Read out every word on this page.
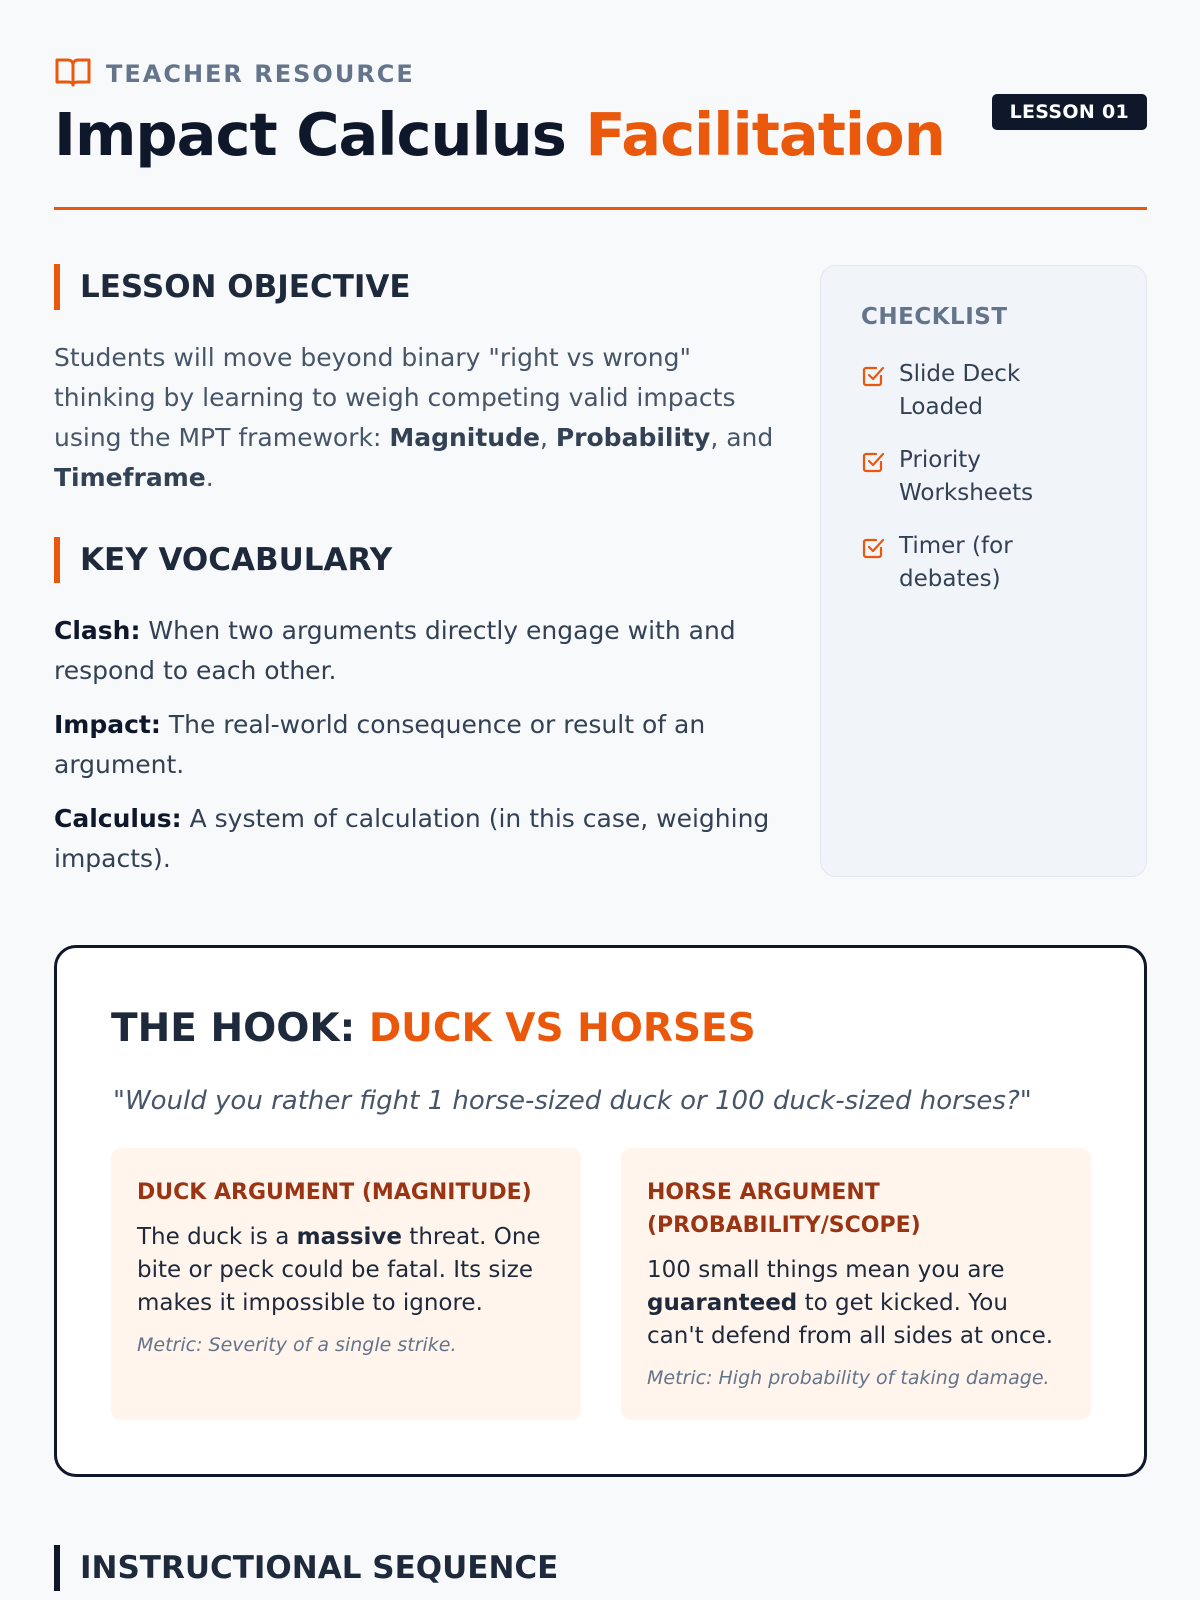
TEACHER RESOURCE
Impact Calculus Facilitation	LESSON 01
LESSON OBJECTIVE

Students will move beyond binary "right vs wrong" thinking by learning to weigh competing valid impacts using the MPT framework: Magnitude, Probability, and Timeframe.

KEY VOCABULARY

Clash: When two arguments directly engage with and respond to each other.

Impact: The real-world consequence or result of an argument.

Calculus: A system of calculation (in this case, weighing impacts).

CHECKLIST
Slide Deck Loaded
Priority Worksheets
Timer (for debates)
THE HOOK: DUCK VS HORSES

"Would you rather fight 1 horse-sized duck or 100 duck-sized horses?"

DUCK ARGUMENT (MAGNITUDE)

The duck is a massive threat. One bite or peck could be fatal. Its size makes it impossible to ignore.

Metric: Severity of a single strike.

HORSE ARGUMENT (PROBABILITY/SCOPE)

100 small things mean you are guaranteed to get kicked. You can't defend from all sides at once.

Metric: High probability of taking damage.

INSTRUCTIONAL SEQUENCE
